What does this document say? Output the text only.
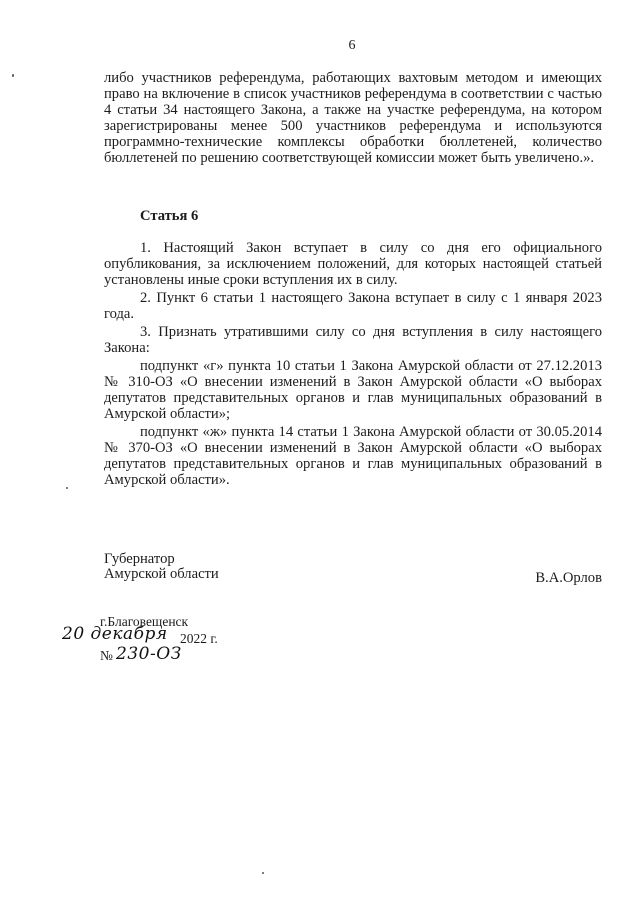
6

либо участников референдума, работающих вахтовым методом и имеющих право на включение в список участников референдума в соответствии с частью 4 статьи 34 настоящего Закона, а также на участке референдума, на котором зарегистрированы менее 500 участников референдума и используются программно-технические комплексы обработки бюллетеней, количество бюллетеней по решению соответствующей комиссии может быть увеличено.».

Статья 6

1. Настоящий Закон вступает в силу со дня его официального опубликования, за исключением положений, для которых настоящей статьей установлены иные сроки вступления их в силу.

2. Пункт 6 статьи 1 настоящего Закона вступает в силу с 1 января 2023 года.

3. Признать утратившими силу со дня вступления в силу настоящего Закона:

подпункт «г» пункта 10 статьи 1 Закона Амурской области от 27.12.2013 № 310-ОЗ «О внесении изменений в Закон Амурской области «О выборах депутатов представительных органов и глав муниципальных образований в Амурской области»;

подпункт «ж» пункта 14 статьи 1 Закона Амурской области от 30.05.2014 № 370-ОЗ «О внесении изменений в Закон Амурской области «О выборах депутатов представительных органов и глав муниципальных образований в Амурской области».

Губернатор
Амурской области	В.А.Орлов
г.Благовещенск
20 декабря 2022 г.
№ 230-ОЗ
